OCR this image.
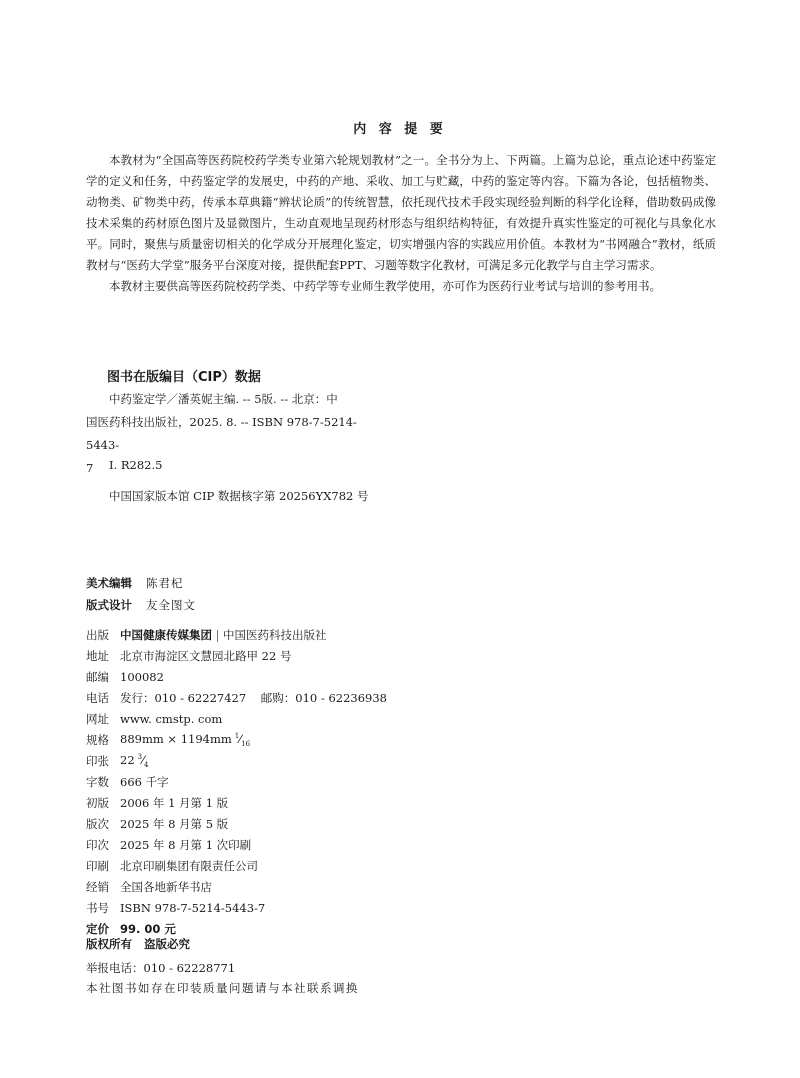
内 容 提 要

本教材为“全国高等医药院校药学类专业第六轮规划教材”之一。全书分为上、下两篇。上篇为总论，重点论述中药鉴定学的定义和任务，中药鉴定学的发展史，中药的产地、采收、加工与贮藏，中药的鉴定等内容。下篇为各论，包括植物类、动物类、矿物类中药，传承本草典籍“辨状论质”的传统智慧，依托现代技术手段实现经验判断的科学化诠释，借助数码成像技术采集的药材原色图片及显微图片，生动直观地呈现药材形态与组织结构特征，有效提升真实性鉴定的可视化与具象化水平。同时，聚焦与质量密切相关的化学成分开展理化鉴定，切实增强内容的实践应用价值。本教材为“书网融合”教材，纸质教材与“医药大学堂”服务平台深度对接，提供配套PPT、习题等数字化教材，可满足多元化教学与自主学习需求。

本教材主要供高等医药院校药学类、中药学等专业师生教学使用，亦可作为医药行业考试与培训的参考用书。

图书在版编目（CIP）数据
中药鉴定学／潘英妮主编. -- 5版. -- 北京：中
国医药科技出版社，2025. 8. -- ISBN 978-7-5214-5443-
7	Ⅰ. R282.5
中国国家版本馆 CIP 数据核字第 20256YX782 号
美术编辑	陈君杞
版式设计	友全图文
出版 中国健康传媒集团 中国医药科技出版社
地址 北京市海淀区文慧园北路甲 22 号
邮编 100082
电话 发行：010 - 62227427    邮购：010 - 62236938
网址 www. cmstp. com
规格 889mm × 1194mm $^1⁄_{16}$
印张 22 $^3⁄_4$
字数 666 千字
初版 2006 年 1 月第 1 版
版次 2025 年 8 月第 5 版
印次 2025 年 8 月第 1 次印刷
印刷 北京印刷集团有限责任公司
经销 全国各地新华书店
书号 ISBN 978-7-5214-5443-7
定价 99. 00 元
版权所有 盗版必究
举报电话：010 - 62228771
本社图书如存在印装质量问题请与本社联系调换
